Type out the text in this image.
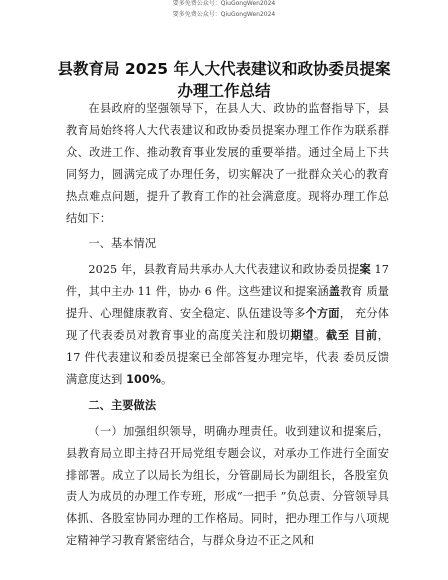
要多免费公众号：QiuGongWen2024
要多免费公众号：QiuGongWen2024
县教育局 2025 年人大代表建议和政协委员提案
办理工作总结

在县政府的坚强领导下，在县人大、政协的监督指导下，县教育局始终将人大代表建议和政协委员提案办理工作作为联系群众、改进工作、推动教育事业发展的重要举措。通过全局上下共同努力，圆满完成了办理任务，切实解决了一批群众关心的教育热点难点问题，提升了教育工作的社会满意度。现将办理工作总结如下：

一、基本情况

2025 年，县教育局共承办人大代表建议和政协委员提案 17 件，其中主办 11 件，协办 6 件。这些建议和提案涵盖教育 质量提升、心理健康教育、安全稳定、队伍建设等多个方面， 充分体现了代表委员对教育事业的高度关注和殷切期望。截至 目前，17 件代表建议和委员提案已全部答复办理完毕，代表 委员反馈满意度达到 100%。

二、主要做法

（一）加强组织领导，明确办理责任。收到建议和提案后，县教育局立即主持召开局党组专题会议，对承办工作进行全面安排部署。成立了以局长为组长，分管副局长为副组长，各股室负责人为成员的办理工作专班，形成“一把手 ”负总责、分管领导具体抓、各股室协同办理的工作格局。同时，把办理工作与八项规定精神学习教育紧密结合，与群众身边不正之风和
